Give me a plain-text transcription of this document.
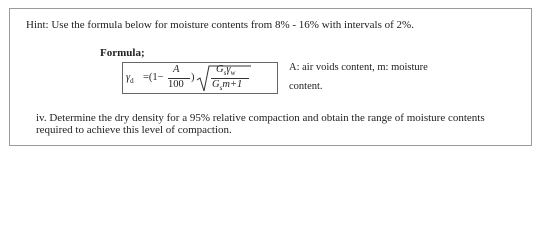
Hint: Use the formula below for moisture contents from 8% - 16% with intervals of 2%.
Formula;
$\gamma_d =(1-$
A
100
)
$G_s\gamma_w$
$G_sm+1$
A: air voids content, m: moisture
content.
iv. Determine the dry density for a 95% relative compaction and obtain the range of moisture contents required to achieve this level of compaction.
